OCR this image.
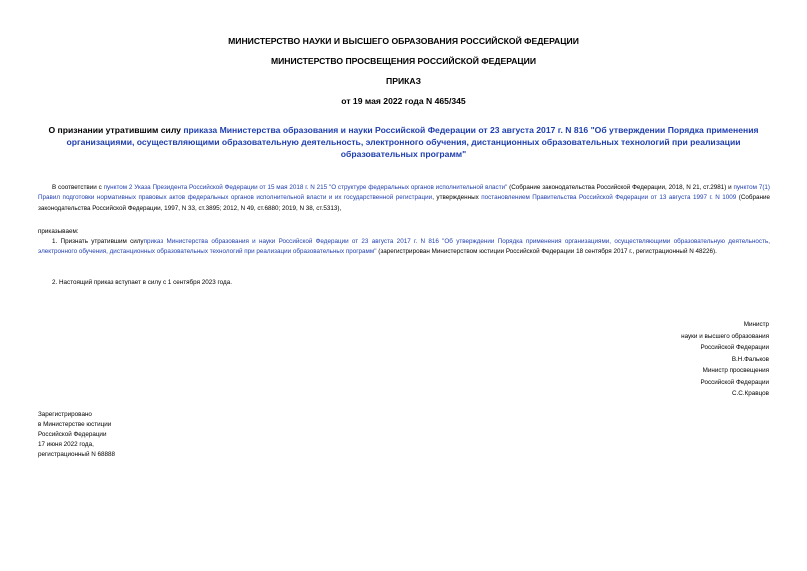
МИНИСТЕРСТВО НАУКИ И ВЫСШЕГО ОБРАЗОВАНИЯ РОССИЙСКОЙ ФЕДЕРАЦИИ
МИНИСТЕРСТВО ПРОСВЕЩЕНИЯ РОССИЙСКОЙ ФЕДЕРАЦИИ
ПРИКАЗ
от 19 мая 2022 года N 465/345
О признании утратившим силу приказа Министерства образования и науки Российской Федерации от 23 августа 2017 г. N 816 "Об утверждении Порядка применения организациями, осуществляющими образовательную деятельность, электронного обучения, дистанционных образовательных технологий при реализации образовательных программ"
В соответствии с пунктом 2 Указа Президента Российской Федерации от 15 мая 2018 г. N 215 "О структуре федеральных органов исполнительной власти" (Собрание законодательства Российской Федерации, 2018, N 21, ст.2981) и пунктом 7(1) Правил подготовки нормативных правовых актов федеральных органов исполнительной власти и их государственной регистрации, утвержденных постановлением Правительства Российской Федерации от 13 августа 1997 г. N 1009 (Собрание законодательства Российской Федерации, 1997, N 33, ст.3895; 2012, N 49, ст.6880; 2019, N 38, ст.5313),
приказываем:
1. Признать утратившим силуприказ Министерства образования и науки Российской Федерации от 23 августа 2017 г. N 816 "Об утверждении Порядка применения организациями, осуществляющими образовательную деятельность, электронного обучения, дистанционных образовательных технологий при реализации образовательных программ" (зарегистрирован Министерством юстиции Российской Федерации 18 сентября 2017 г., регистрационный N 48226).
2. Настоящий приказ вступает в силу с 1 сентября 2023 года.
Министр
науки и высшего образования
Российской Федерации
В.Н.Фальков
Министр просвещения
Российской Федерации
С.С.Кравцов
Зарегистрировано
в Министерстве юстиции
Российской Федерации
17 июня 2022 года,
регистрационный N 68888
